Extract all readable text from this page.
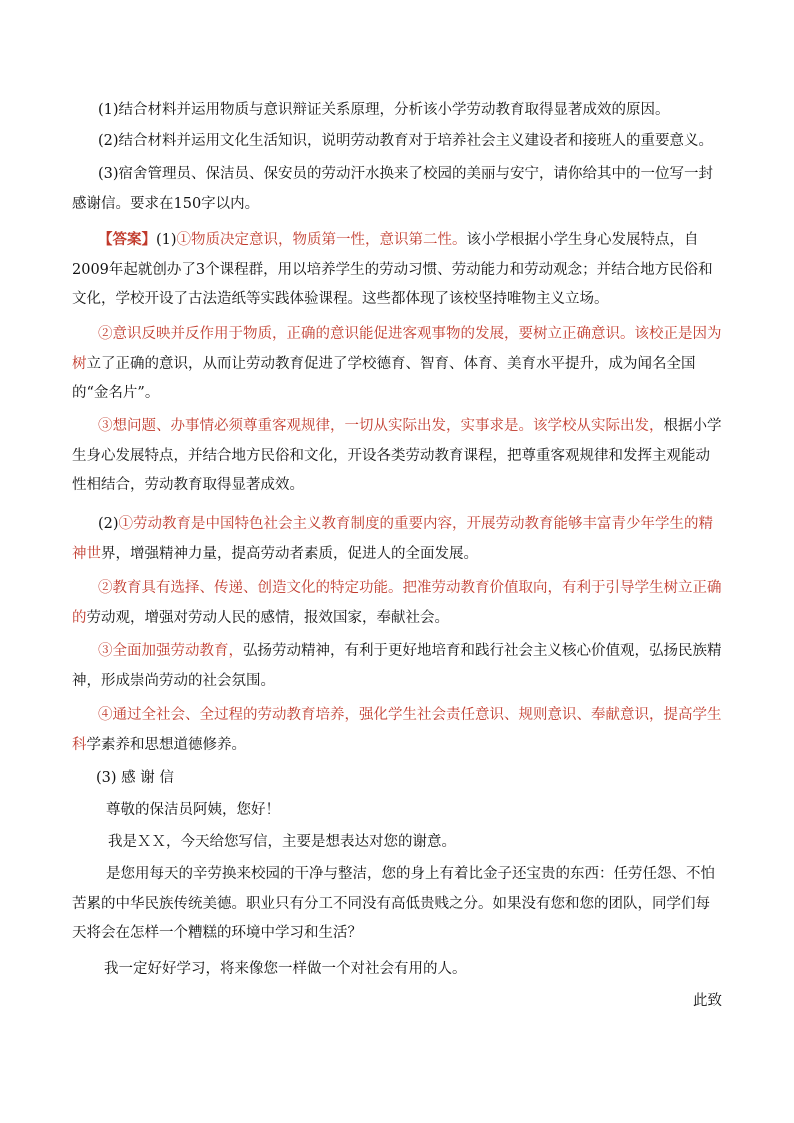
(1)结合材料并运用物质与意识辩证关系原理，分析该小学劳动教育取得显著成效的原因。

(2)结合材料并运用文化生活知识，说明劳动教育对于培养社会主义建设者和接班人的重要意义。

(3)宿舍管理员、保洁员、保安员的劳动汗水换来了校园的美丽与安宁，请你给其中的一位写一封感谢信。要求在150字以内。

【答案】(1)①物质决定意识，物质第一性，意识第二性。该小学根据小学生身心发展特点，自2009年起就创办了3个课程群，用以培养学生的劳动习惯、劳动能力和劳动观念；并结合地方民俗和文化，学校开设了古法造纸等实践体验课程。这些都体现了该校坚持唯物主义立场。

②意识反映并反作用于物质，正确的意识能促进客观事物的发展，要树立正确意识。该校正是因为树立了正确的意识，从而让劳动教育促进了学校德育、智育、体育、美育水平提升，成为闻名全国的“金名片”。

③想问题、办事情必须尊重客观规律，一切从实际出发，实事求是。该学校从实际出发，根据小学生身心发展特点，并结合地方民俗和文化，开设各类劳动教育课程，把尊重客观规律和发挥主观能动性相结合，劳动教育取得显著成效。

(2)①劳动教育是中国特色社会主义教育制度的重要内容，开展劳动教育能够丰富青少年学生的精神世界，增强精神力量，提高劳动者素质，促进人的全面发展。

②教育具有选择、传递、创造文化的特定功能。把准劳动教育价值取向，有利于引导学生树立正确的劳动观，增强对劳动人民的感情，报效国家，奉献社会。

③全面加强劳动教育，弘扬劳动精神，有利于更好地培育和践行社会主义核心价值观，弘扬民族精神，形成崇尚劳动的社会氛围。

④通过全社会、全过程的劳动教育培养，强化学生社会责任意识、规则意识、奉献意识，提高学生科学素养和思想道德修养。

(3) 感 谢 信

尊敬的保洁员阿姨，您好！

我是ＸＸ，今天给您写信，主要是想表达对您的谢意。

是您用每天的辛劳换来校园的干净与整洁，您的身上有着比金子还宝贵的东西：任劳任怨、不怕苦累的中华民族传统美德。职业只有分工不同没有高低贵贱之分。如果没有您和您的团队，同学们每天将会在怎样一个糟糕的环境中学习和生活？

我一定好好学习，将来像您一样做一个对社会有用的人。

此致
